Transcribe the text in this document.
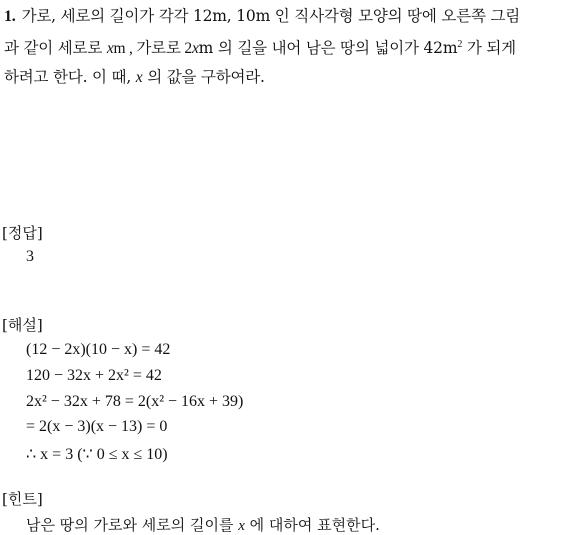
1. 가로, 세로의 길이가 각각 12m, 10m 인 직사각형 모양의 땅에 오른쪽 그림
과 같이 세로로 xm , 가로로 2xm 의 길을 내어 남은 땅의 넓이가 $42m^2$ 가 되게
하려고 한다. 이 때, x 의 값을 구하여라.
[정답]
3
[해설]
(12 − 2x)(10 − x) = 42
120 − 32x + 2x² = 42
2x² − 32x + 78 = 2(x² − 16x + 39)
= 2(x − 3)(x − 13) = 0
∴ x = 3 (∵ 0 ≤ x ≤ 10)
[힌트]
남은 땅의 가로와 세로의 길이를 x 에 대하여 표현한다.
